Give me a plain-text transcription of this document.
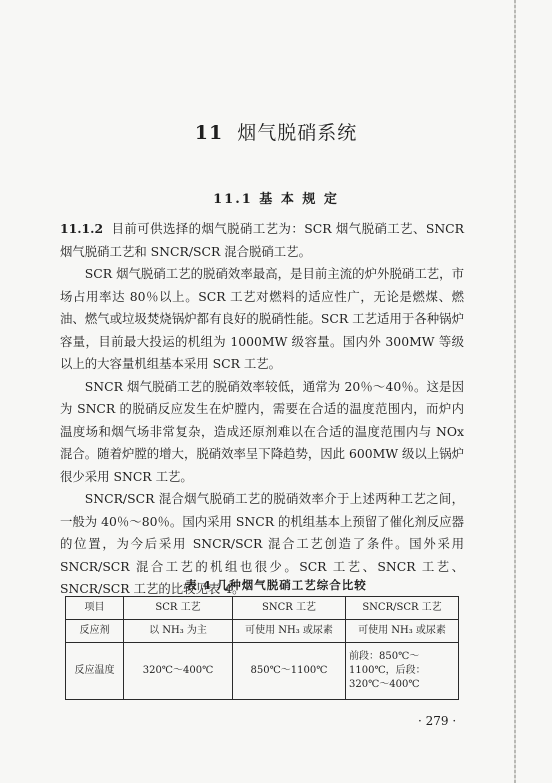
11 烟气脱硝系统
11.1 基 本 规 定

11.1.2 目前可供选择的烟气脱硝工艺为：SCR 烟气脱硝工艺、SNCR 烟气脱硝工艺和 SNCR/SCR 混合脱硝工艺。

SCR 烟气脱硝工艺的脱硝效率最高，是目前主流的炉外脱硝工艺，市场占用率达 80％以上。SCR 工艺对燃料的适应性广，无论是燃煤、燃油、燃气或垃圾焚烧锅炉都有良好的脱硝性能。SCR 工艺适用于各种锅炉容量，目前最大投运的机组为 1000MW 级容量。国内外 300MW 等级以上的大容量机组基本采用 SCR 工艺。

SNCR 烟气脱硝工艺的脱硝效率较低，通常为 20％～40％。这是因为 SNCR 的脱硝反应发生在炉膛内，需要在合适的温度范围内，而炉内温度场和烟气场非常复杂，造成还原剂难以在合适的温度范围内与 NOx 混合。随着炉膛的增大，脱硝效率呈下降趋势，因此 600MW 级以上锅炉很少采用 SNCR 工艺。

SNCR/SCR 混合烟气脱硝工艺的脱硝效率介于上述两种工艺之间，一般为 40％～80％。国内采用 SNCR 的机组基本上预留了催化剂反应器的位置，为今后采用 SNCR/SCR 混合工艺创造了条件。国外采用 SNCR/SCR 混合工艺的机组也很少。SCR 工艺、SNCR 工艺、SNCR/SCR 工艺的比较见表 4。

表 4 几种烟气脱硝工艺综合比较
项目	SCR 工艺	SNCR 工艺	SNCR/SCR 工艺
反应剂	以 NH₃ 为主	可使用 NH₃ 或尿素	可使用 NH₃ 或尿素
反应温度	320℃～400℃	850℃～1100℃	前段：850℃～1100℃，后段：320℃～400℃
· 279 ·
